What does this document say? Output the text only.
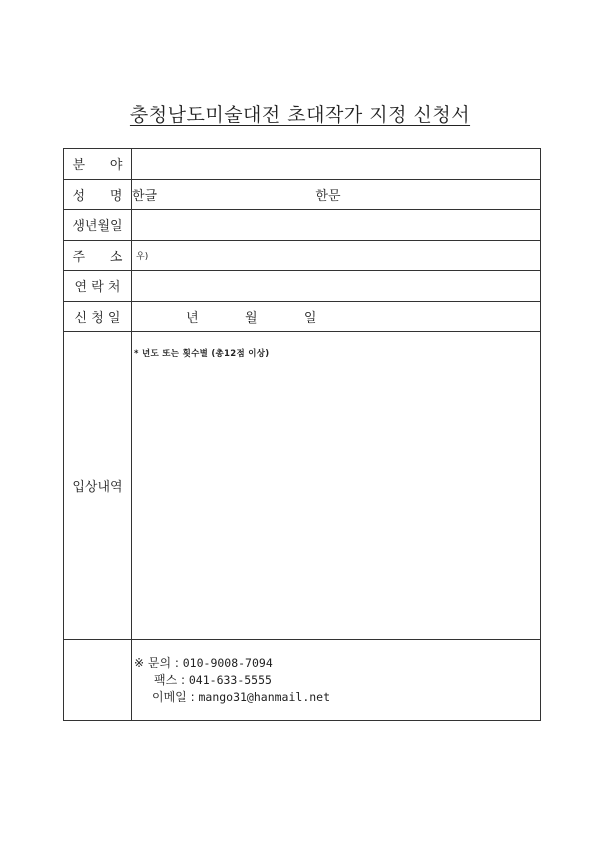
충청남도미술대전 초대작가 지정 신청서
분      야	
성      명	한글 한문
생년월일	
주      소	우)
연 락 처	
신 청 일	년 월 일
입상내역	* 년도 또는 횟수별 (총12점 이상)

	※ 문의 : 010-9008-7094
팩스 : 041-633-5555
이메일 : mango31@hanmail.net
